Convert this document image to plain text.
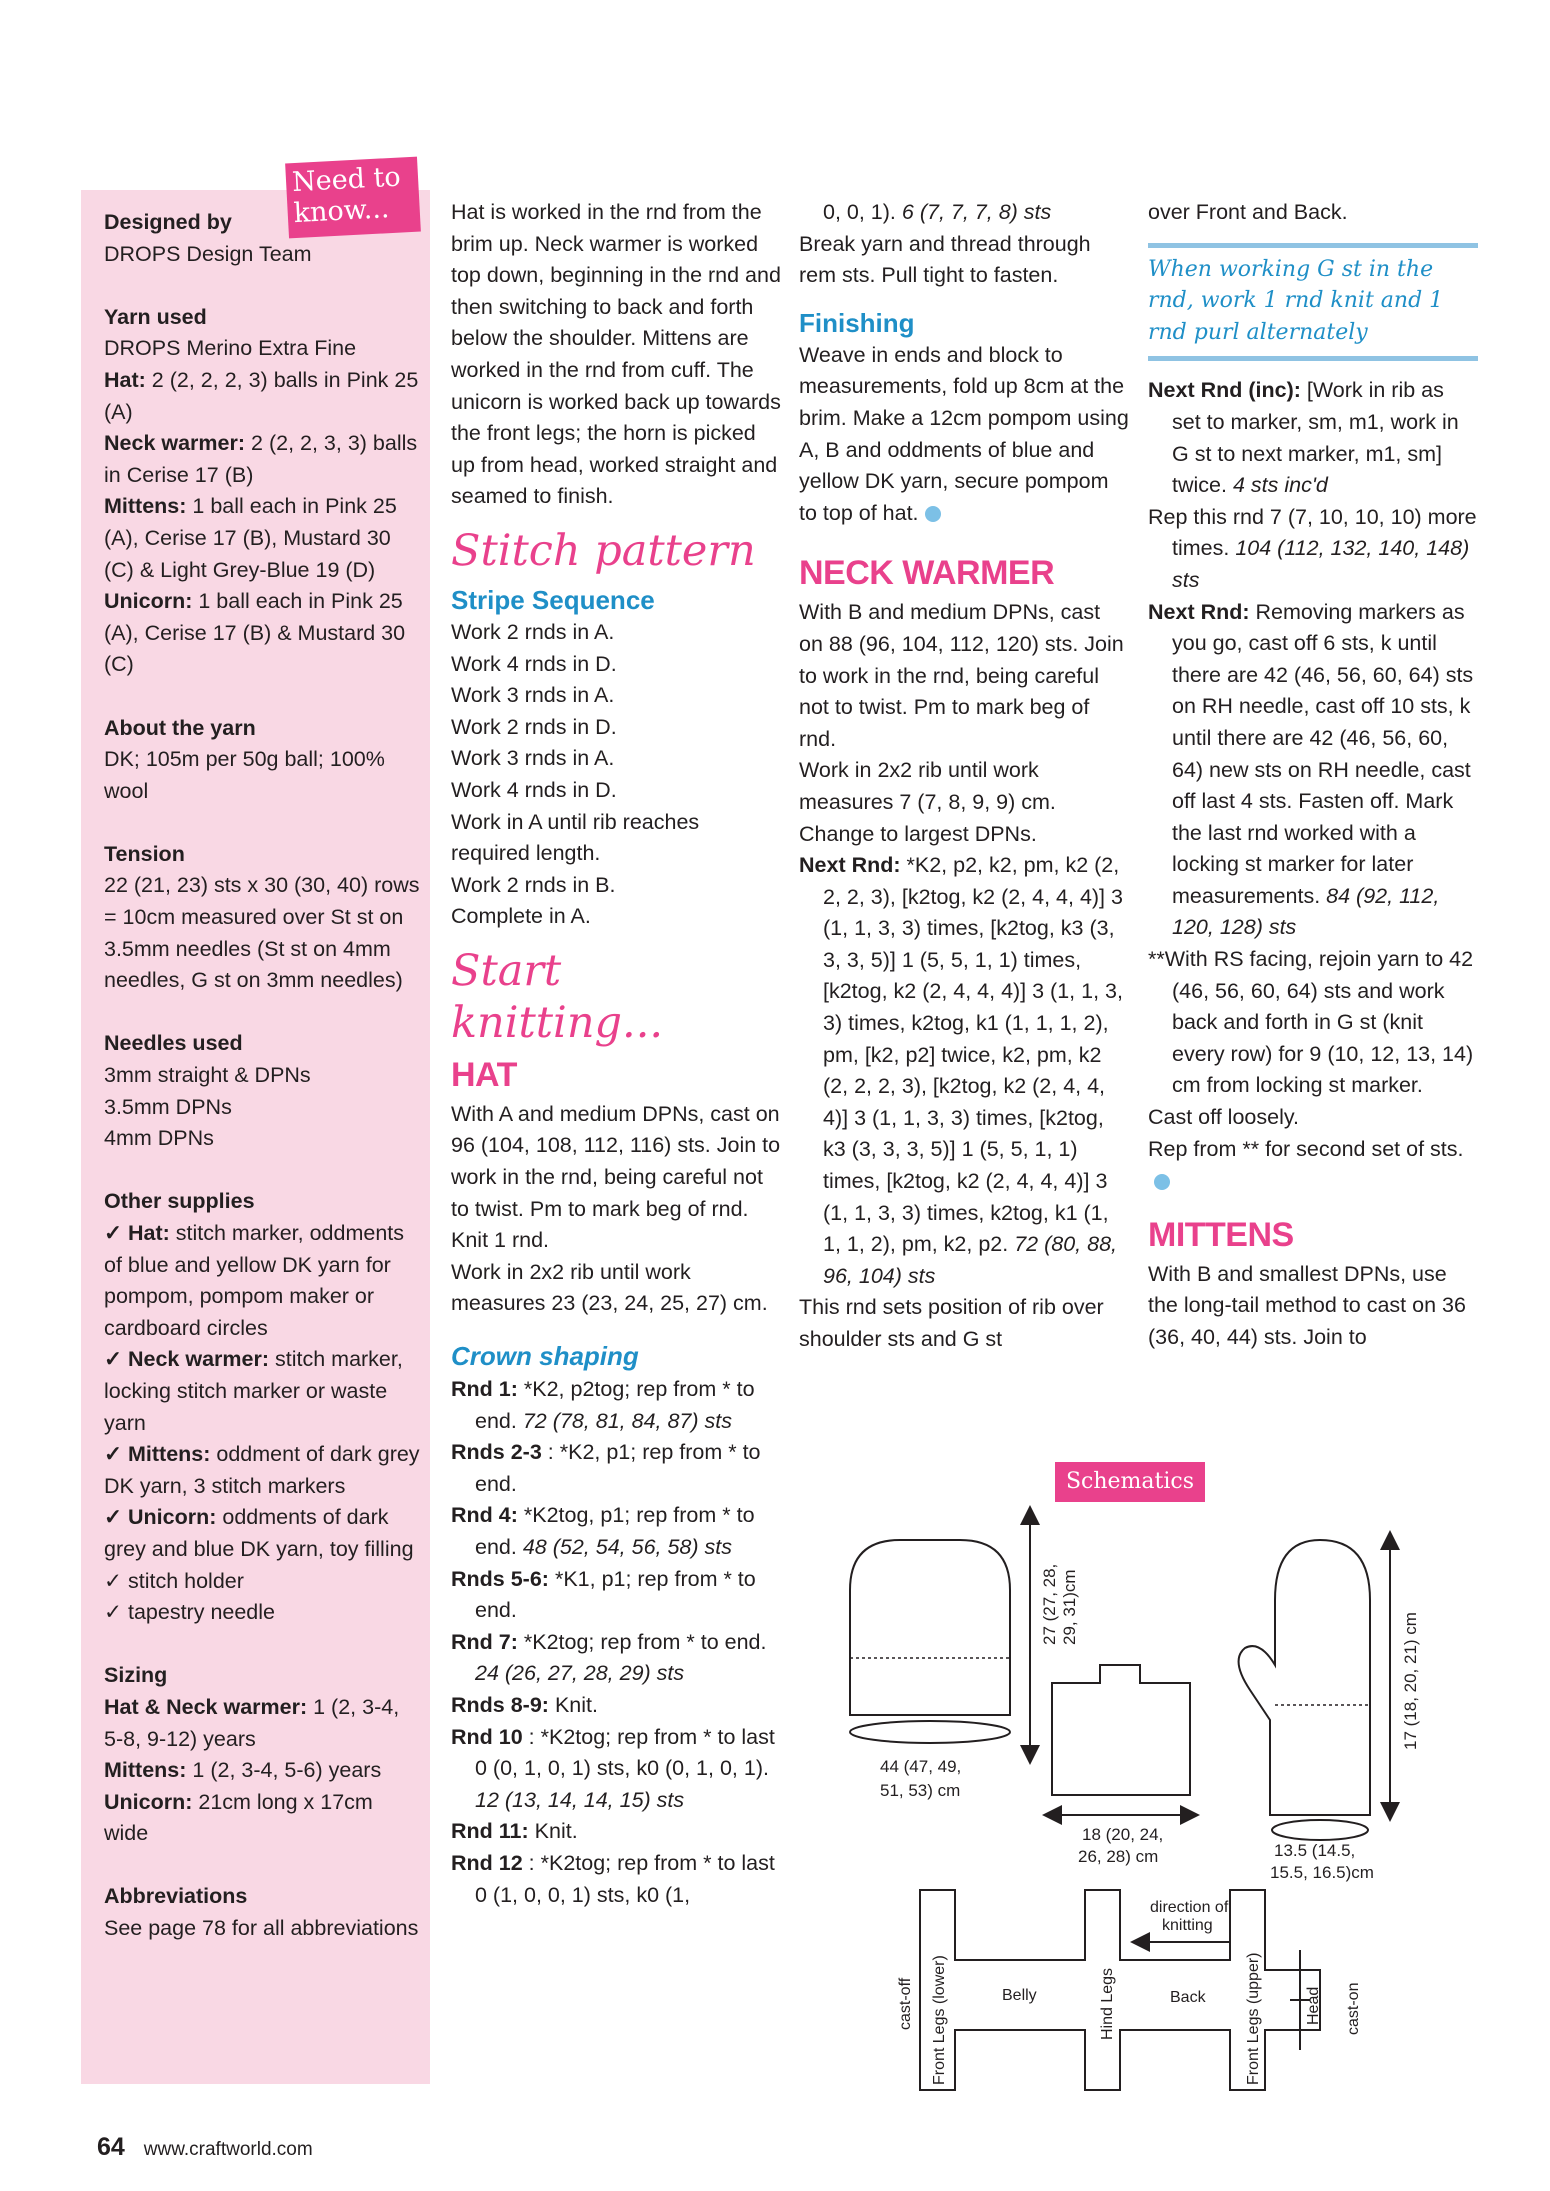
Need to
know...
Designed by
DROPS Design Team
Yarn used
DROPS Merino Extra Fine
Hat: 2 (2, 2, 2, 3) balls in Pink 25 (A)
Neck warmer: 2 (2, 2, 3, 3) balls in Cerise 17 (B)
Mittens: 1 ball each in Pink 25 (A), Cerise 17 (B), Mustard 30 (C) & Light Grey-Blue 19 (D)
Unicorn: 1 ball each in Pink 25 (A), Cerise 17 (B) & Mustard 30 (C)
About the yarn
DK; 105m per 50g ball; 100% wool
Tension
22 (21, 23) sts x 30 (30, 40) rows = 10cm measured over St st on 3.5mm needles (St st on 4mm needles, G st on 3mm needles)
Needles used
3mm straight & DPNs
3.5mm DPNs
4mm DPNs
Other supplies
✓ Hat: stitch marker, oddments of blue and yellow DK yarn for pompom, pompom maker or cardboard circles
✓ Neck warmer: stitch marker, locking stitch marker or waste yarn
✓ Mittens: oddment of dark grey DK yarn, 3 stitch markers
✓ Unicorn: oddments of dark grey and blue DK yarn, toy filling
✓ stitch holder
✓ tapestry needle
Sizing
Hat & Neck warmer: 1 (2, 3-4, 5-8, 9-12) years
Mittens: 1 (2, 3-4, 5-6) years
Unicorn: 21cm long x 17cm wide
Abbreviations
See page 78 for all abbreviations

Hat is worked in the rnd from the brim up. Neck warmer is worked top down, beginning in the rnd and then switching to back and forth below the shoulder. Mittens are worked in the rnd from cuff. The unicorn is worked back up towards the front legs; the horn is picked up from head, worked straight and seamed to finish.

Stitch pattern
Stripe Sequence

Work 2 rnds in A.

Work 4 rnds in D.

Work 3 rnds in A.

Work 2 rnds in D.

Work 3 rnds in A.

Work 4 rnds in D.

Work in A until rib reaches required length.

Work 2 rnds in B.

Complete in A.

Start knitting...
HAT

With A and medium DPNs, cast on 96 (104, 108, 112, 116) sts. Join to work in the rnd, being careful not to twist. Pm to mark beg of rnd.

Knit 1 rnd.

Work in 2x2 rib until work measures 23 (23, 24, 25, 27) cm.

Crown shaping

Rnd 1: *K2, p2tog; rep from * to end. 72 (78, 81, 84, 87) sts

Rnds 2-3 : *K2, p1; rep from * to end.

Rnd 4: *K2tog, p1; rep from * to end. 48 (52, 54, 56, 58) sts

Rnds 5-6: *K1, p1; rep from * to end.

Rnd 7: *K2tog; rep from * to end. 24 (26, 27, 28, 29) sts

Rnds 8-9: Knit.

Rnd 10 : *K2tog; rep from * to last 0 (0, 1, 0, 1) sts, k0 (0, 1, 0, 1). 12 (13, 14, 14, 15) sts

Rnd 11: Knit.

Rnd 12 : *K2tog; rep from * to last 0 (1, 0, 0, 1) sts, k0 (1,

0, 0, 1). 6 (7, 7, 7, 8) sts

Break yarn and thread through rem sts. Pull tight to fasten.

Finishing

Weave in ends and block to measurements, fold up 8cm at the brim. Make a 12cm pompom using A, B and oddments of blue and yellow DK yarn, secure pompom to top of hat.

NECK WARMER

With B and medium DPNs, cast on 88 (96, 104, 112, 120) sts. Join to work in the rnd, being careful not to twist. Pm to mark beg of rnd.

Work in 2x2 rib until work measures 7 (7, 8, 9, 9) cm.

Change to largest DPNs.

Next Rnd: *K2, p2, k2, pm, k2 (2, 2, 2, 3), [k2tog, k2 (2, 4, 4, 4)] 3 (1, 1, 3, 3) times, [k2tog, k3 (3, 3, 3, 5)] 1 (5, 5, 1, 1) times, [k2tog, k2 (2, 4, 4, 4)] 3 (1, 1, 3, 3) times, k2tog, k1 (1, 1, 1, 2), pm, [k2, p2] twice, k2, pm, k2 (2, 2, 2, 3), [k2tog, k2 (2, 4, 4, 4)] 3 (1, 1, 3, 3) times, [k2tog, k3 (3, 3, 3, 5)] 1 (5, 5, 1, 1) times, [k2tog, k2 (2, 4, 4, 4)] 3 (1, 1, 3, 3) times, k2tog, k1 (1, 1, 1, 2), pm, k2, p2. 72 (80, 88, 96, 104) sts

This rnd sets position of rib over shoulder sts and G st

over Front and Back.

When working G st in the rnd, work 1 rnd knit and 1 rnd purl alternately

Next Rnd (inc): [Work in rib as set to marker, sm, m1, work in G st to next marker, m1, sm] twice. 4 sts inc'd

Rep this rnd 7 (7, 10, 10, 10) more times. 104 (112, 132, 140, 148) sts

Next Rnd: Removing markers as you go, cast off 6 sts, k until there are 42 (46, 56, 60, 64) sts on RH needle, cast off 10 sts, k until there are 42 (46, 56, 60, 64) new sts on RH needle, cast off last 4 sts. Fasten off. Mark the last rnd worked with a locking st marker for later measurements. 84 (92, 112, 120, 128) sts

**With RS facing, rejoin yarn to 42 (46, 56, 60, 64) sts and work back and forth in G st (knit every row) for 9 (10, 12, 13, 14) cm from locking st marker.

Cast off loosely.

Rep from ** for second set of sts.

MITTENS

With B and smallest DPNs, use the long-tail method to cast on 36 (36, 40, 44) sts. Join to

Schematics
27 (27, 28, 29, 31)cm
44 (47, 49, 51, 53) cm
18 (20, 24, 26, 28) cm
17 (18, 20, 21) cm
13.5 (14.5, 15.5, 16.5)cm
cast-off Front Legs (lower)	Belly	Hind Legs
direction of knitting
Back Front Legs (upper)	Head cast-on
64 www.craftworld.com
